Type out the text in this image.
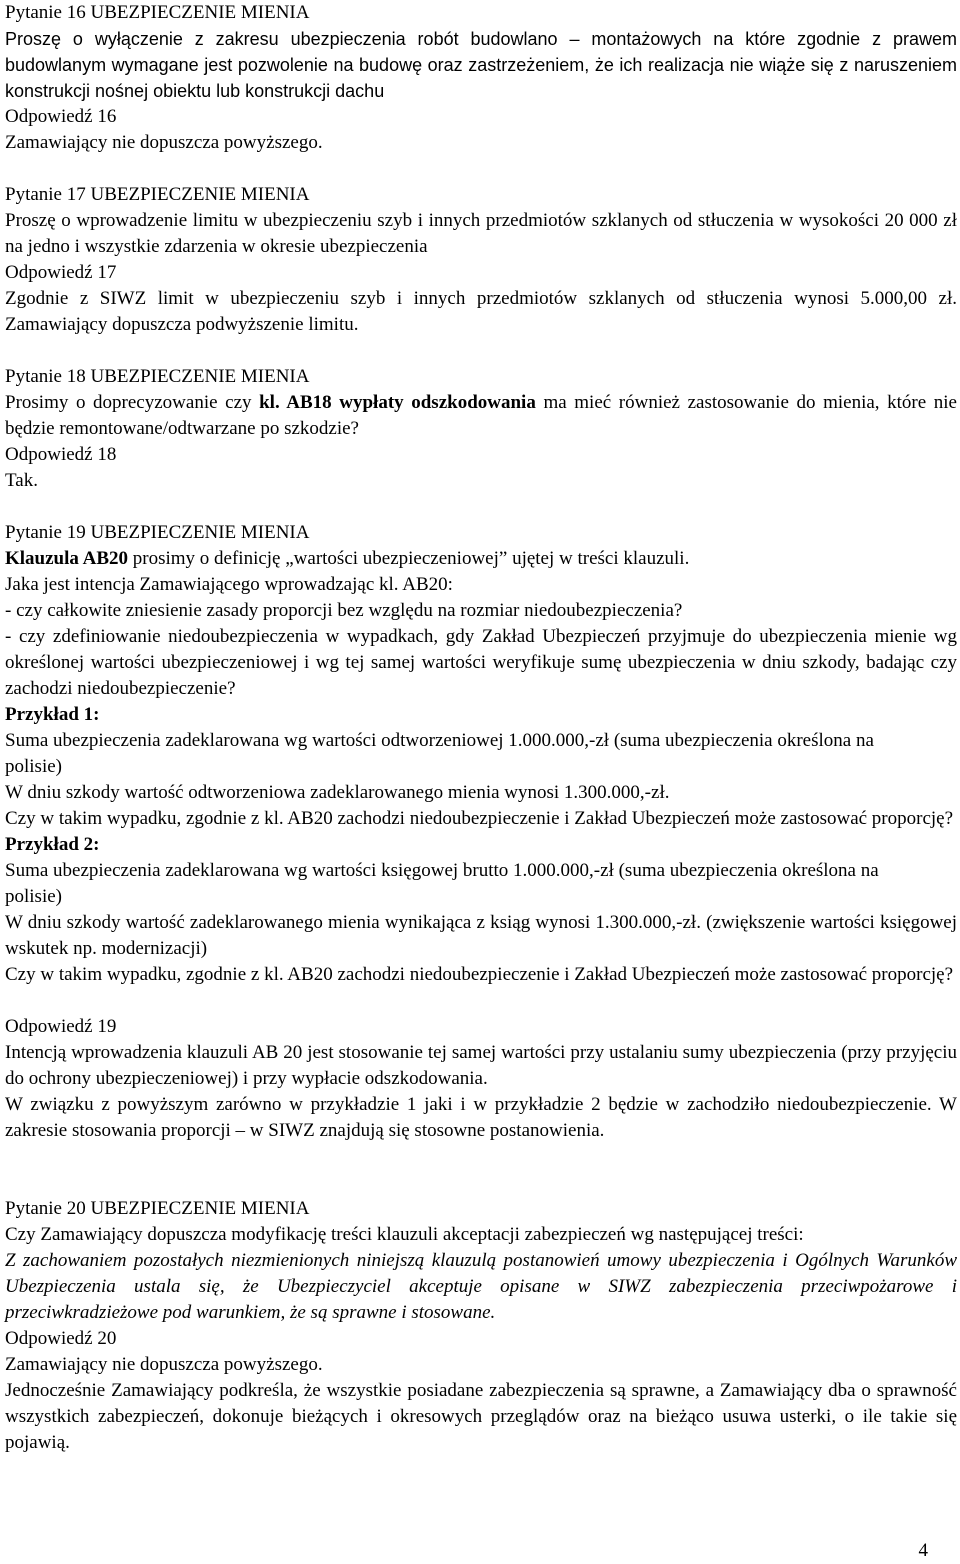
Pytanie 16 UBEZPIECZENIE MIENIA

Proszę o wyłączenie z zakresu ubezpieczenia robót budowlano – montażowych na które zgodnie z prawem budowlanym wymagane jest pozwolenie na budowę oraz zastrzeżeniem, że ich realizacja nie wiąże się z naruszeniem konstrukcji nośnej obiektu lub konstrukcji dachu

Odpowiedź 16

Zamawiający nie dopuszcza powyższego.

Pytanie 17 UBEZPIECZENIE MIENIA

Proszę o wprowadzenie limitu w ubezpieczeniu szyb i innych przedmiotów szklanych od stłuczenia w wysokości 20 000 zł na jedno i wszystkie zdarzenia w okresie ubezpieczenia

Odpowiedź 17

Zgodnie z SIWZ limit w ubezpieczeniu szyb i innych przedmiotów szklanych od stłuczenia wynosi 5.000,00 zł. Zamawiający dopuszcza podwyższenie limitu.

Pytanie 18 UBEZPIECZENIE MIENIA

Prosimy o doprecyzowanie czy kl. AB18 wypłaty odszkodowania ma mieć również zastosowanie do mienia, które nie będzie remontowane/odtwarzane po szkodzie?

Odpowiedź 18

Tak.

Pytanie 19 UBEZPIECZENIE MIENIA

Klauzula AB20 prosimy o definicję „wartości ubezpieczeniowej” ujętej w treści klauzuli.

Jaka jest intencja Zamawiającego wprowadzając kl. AB20:

- czy całkowite zniesienie zasady proporcji bez względu na rozmiar niedoubezpieczenia?

- czy zdefiniowanie niedoubezpieczenia w wypadkach, gdy Zakład Ubezpieczeń przyjmuje do ubezpieczenia mienie wg określonej wartości ubezpieczeniowej i wg tej samej wartości weryfikuje sumę ubezpieczenia w dniu szkody, badając czy zachodzi niedoubezpieczenie?

Przykład 1:

Suma ubezpieczenia zadeklarowana wg wartości odtworzeniowej 1.000.000,-zł (suma ubezpieczenia określona na polisie)

W dniu szkody wartość odtworzeniowa zadeklarowanego mienia wynosi 1.300.000,-zł.

Czy w takim wypadku, zgodnie z kl. AB20 zachodzi niedoubezpieczenie i Zakład Ubezpieczeń może zastosować proporcję?

Przykład 2:

Suma ubezpieczenia zadeklarowana wg wartości księgowej brutto 1.000.000,-zł (suma ubezpieczenia określona na polisie)

W dniu szkody wartość zadeklarowanego mienia wynikająca z ksiąg wynosi 1.300.000,-zł. (zwiększenie wartości księgowej wskutek np. modernizacji)

Czy w takim wypadku, zgodnie z kl. AB20 zachodzi niedoubezpieczenie i Zakład Ubezpieczeń może zastosować proporcję?

Odpowiedź 19

Intencją wprowadzenia klauzuli AB 20 jest stosowanie tej samej wartości przy ustalaniu sumy ubezpieczenia (przy przyjęciu do ochrony ubezpieczeniowej) i przy wypłacie odszkodowania.

W związku z powyższym zarówno w przykładzie 1 jaki i w przykładzie 2 będzie w zachodziło niedoubezpieczenie. W zakresie stosowania proporcji – w SIWZ znajdują się stosowne postanowienia.

Pytanie 20 UBEZPIECZENIE MIENIA

Czy Zamawiający dopuszcza modyfikację treści klauzuli akceptacji zabezpieczeń wg następującej treści:

Z zachowaniem pozostałych niezmienionych niniejszą klauzulą postanowień umowy ubezpieczenia i Ogólnych Warunków Ubezpieczenia ustala się, że Ubezpieczyciel akceptuje opisane w SIWZ zabezpieczenia przeciwpożarowe i przeciwkradzieżowe pod warunkiem, że są sprawne i stosowane.

Odpowiedź 20

Zamawiający nie dopuszcza powyższego.

Jednocześnie Zamawiający podkreśla, że wszystkie posiadane zabezpieczenia są sprawne, a Zamawiający dba o sprawność wszystkich zabezpieczeń, dokonuje bieżących i okresowych przeglądów oraz na bieżąco usuwa usterki, o ile takie się pojawią.

4
